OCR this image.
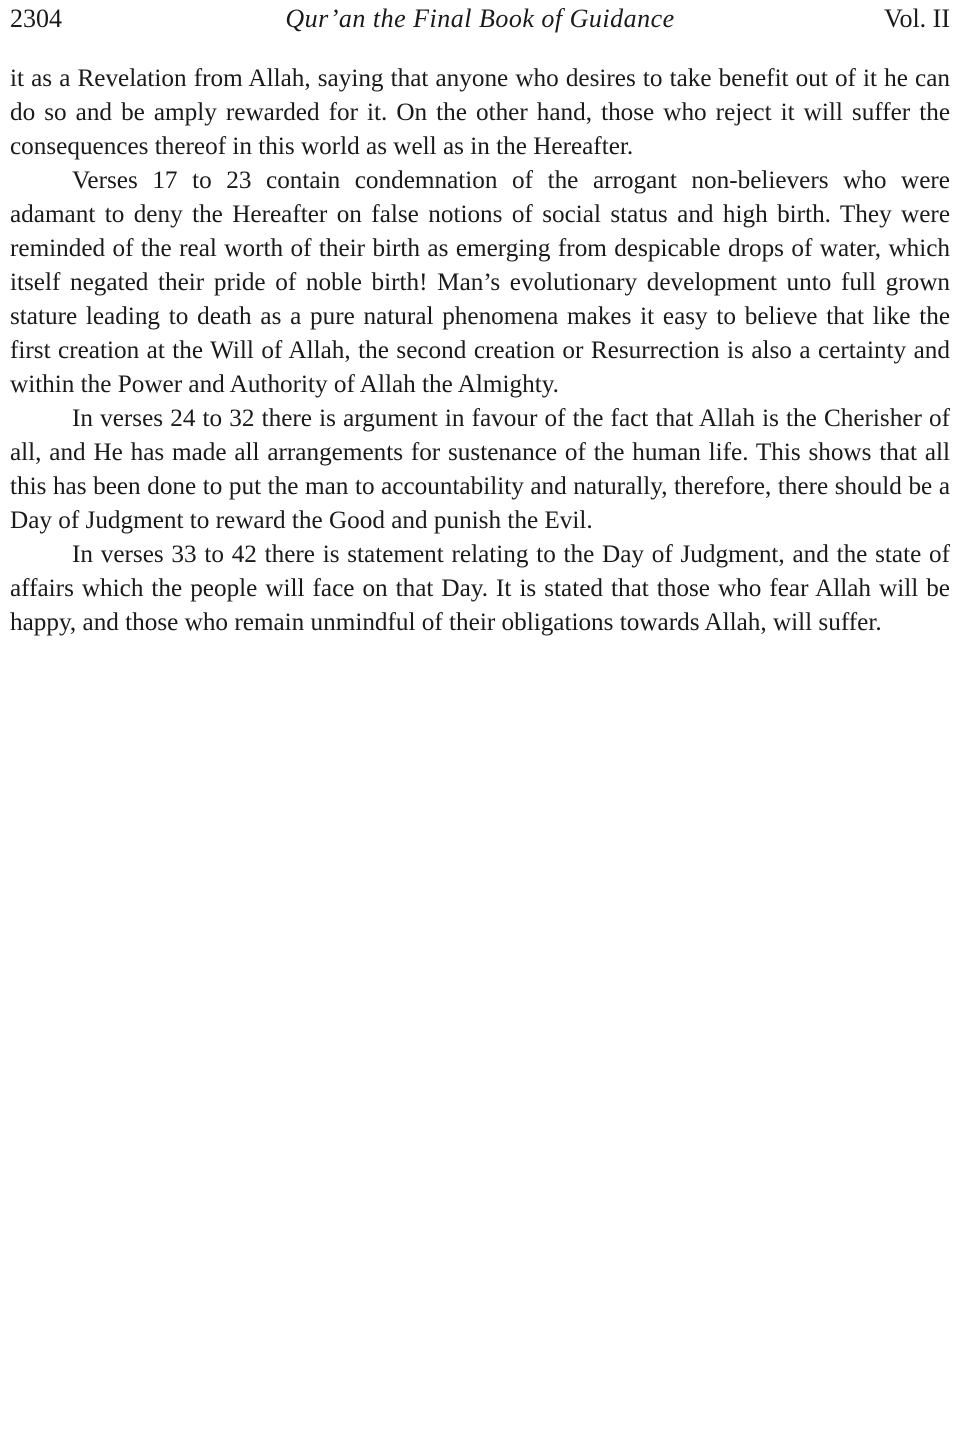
2304	Qur’an the Final Book of Guidance	Vol. II

it as a Revelation from Allah, saying that anyone who desires to take benefit out of it he can do so and be amply rewarded for it. On the other hand, those who reject it will suffer the consequences thereof in this world as well as in the Hereafter.

Verses 17 to 23 contain condemnation of the arrogant non-believers who were adamant to deny the Hereafter on false notions of social status and high birth. They were reminded of the real worth of their birth as emerging from despicable drops of water, which itself negated their pride of noble birth! Man’s evolutionary development unto full grown stature leading to death as a pure natural phenomena makes it easy to believe that like the first creation at the Will of Allah, the second creation or Resurrection is also a certainty and within the Power and Authority of Allah the Almighty.

In verses 24 to 32 there is argument in favour of the fact that Allah is the Cherisher of all, and He has made all arrangements for sustenance of the human life. This shows that all this has been done to put the man to accountability and naturally, therefore, there should be a Day of Judgment to reward the Good and punish the Evil.

In verses 33 to 42 there is statement relating to the Day of Judgment, and the state of affairs which the people will face on that Day. It is stated that those who fear Allah will be happy, and those who remain unmindful of their obligations towards Allah, will suffer.
